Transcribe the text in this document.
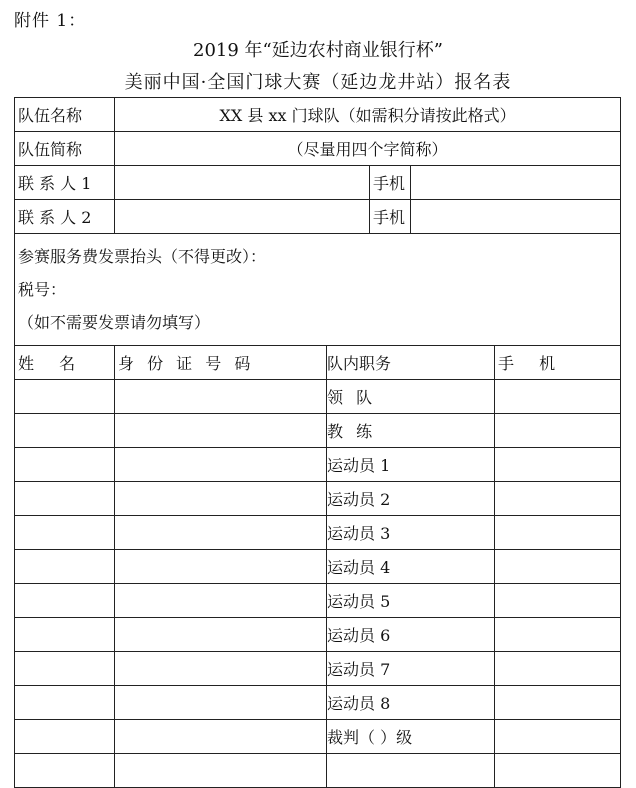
附件 1：
2019 年“延边农村商业银行杯”
美丽中国·全国门球大赛（延边龙井站）报名表
队伍名称	XX 县 xx 门球队（如需积分请按此格式）				
队伍简称	（尽量用四个字简称）				
联 系 人 1			手机		
联 系 人 2			手机		

参赛服务费发票抬头（不得更改）：
税号：
（如不需要发票请勿填写）					

姓 名	身 份 证 号 码	队内职务			手 机
		领 队			
		教 练			
		运动员 1			
		运动员 2			
		运动员 3			
		运动员 4			
		运动员 5			
		运动员 6			
		运动员 7			
		运动员 8			
		裁判（ ）级			
